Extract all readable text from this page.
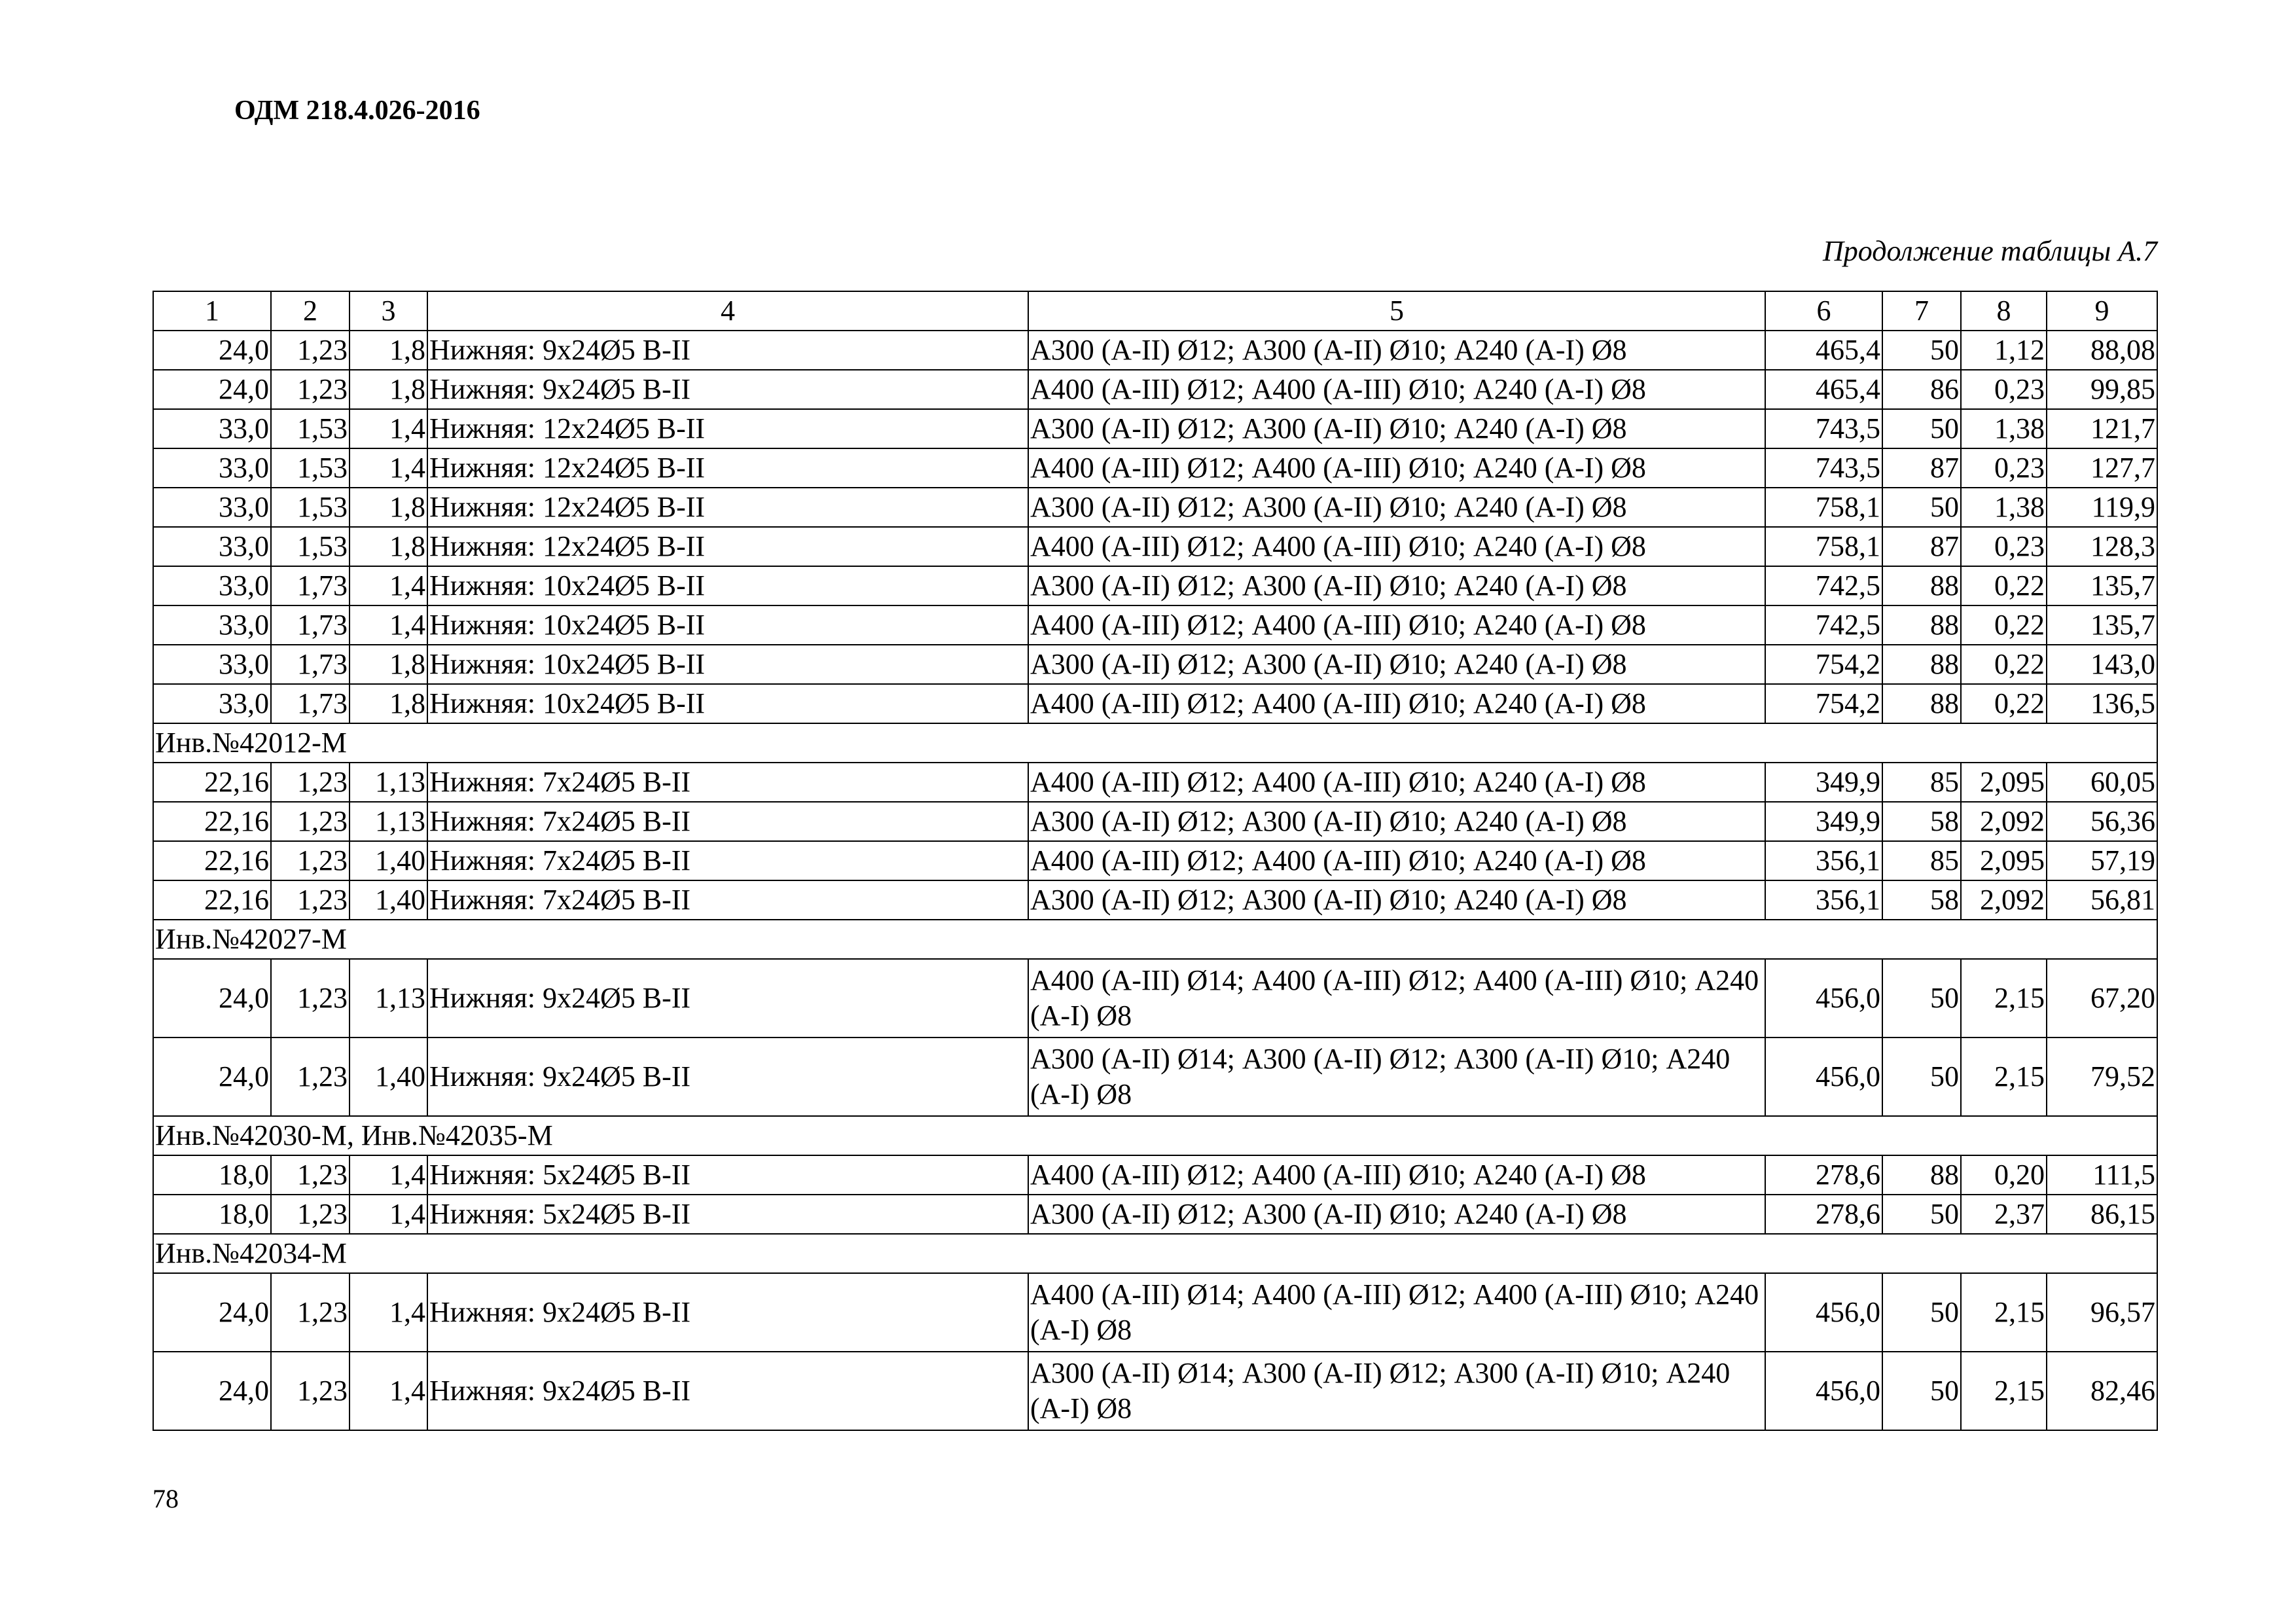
ОДМ 218.4.026-2016
Продолжение таблицы А.7
1	2	3	4	5	6	7	8	9
24,0	1,23	1,8	Нижняя: 9x24Ø5 B-II	А300 (А-II) Ø12; А300 (А-II) Ø10; А240 (А-I) Ø8	465,4	50	1,12	88,08
24,0	1,23	1,8	Нижняя: 9x24Ø5 B-II	А400 (А-III) Ø12; А400 (А-III) Ø10; А240 (А-I) Ø8	465,4	86	0,23	99,85
33,0	1,53	1,4	Нижняя: 12x24Ø5 B-II	А300 (А-II) Ø12; А300 (А-II) Ø10; А240 (А-I) Ø8	743,5	50	1,38	121,7
33,0	1,53	1,4	Нижняя: 12x24Ø5 B-II	А400 (А-III) Ø12; А400 (А-III) Ø10; А240 (А-I) Ø8	743,5	87	0,23	127,7
33,0	1,53	1,8	Нижняя: 12x24Ø5 B-II	А300 (А-II) Ø12; А300 (А-II) Ø10; А240 (А-I) Ø8	758,1	50	1,38	119,9
33,0	1,53	1,8	Нижняя: 12x24Ø5 B-II	А400 (А-III) Ø12; А400 (А-III) Ø10; А240 (А-I) Ø8	758,1	87	0,23	128,3
33,0	1,73	1,4	Нижняя: 10x24Ø5 B-II	А300 (А-II) Ø12; А300 (А-II) Ø10; А240 (А-I) Ø8	742,5	88	0,22	135,7
33,0	1,73	1,4	Нижняя: 10x24Ø5 B-II	А400 (А-III) Ø12; А400 (А-III) Ø10; А240 (А-I) Ø8	742,5	88	0,22	135,7
33,0	1,73	1,8	Нижняя: 10x24Ø5 B-II	А300 (А-II) Ø12; А300 (А-II) Ø10; А240 (А-I) Ø8	754,2	88	0,22	143,0
33,0	1,73	1,8	Нижняя: 10x24Ø5 B-II	А400 (А-III) Ø12; А400 (А-III) Ø10; А240 (А-I) Ø8	754,2	88	0,22	136,5
Инв.№42012-М								
22,16	1,23	1,13	Нижняя: 7x24Ø5 B-II	А400 (А-III) Ø12; А400 (А-III) Ø10; А240 (А-I) Ø8	349,9	85	2,095	60,05
22,16	1,23	1,13	Нижняя: 7x24Ø5 B-II	А300 (А-II) Ø12; А300 (А-II) Ø10; А240 (А-I) Ø8	349,9	58	2,092	56,36
22,16	1,23	1,40	Нижняя: 7x24Ø5 B-II	А400 (А-III) Ø12; А400 (А-III) Ø10; А240 (А-I) Ø8	356,1	85	2,095	57,19
22,16	1,23	1,40	Нижняя: 7x24Ø5 B-II	А300 (А-II) Ø12; А300 (А-II) Ø10; А240 (А-I) Ø8	356,1	58	2,092	56,81
Инв.№42027-М								
24,0	1,23	1,13	Нижняя: 9x24Ø5 B-II	А400 (А-III) Ø14; А400 (А-III) Ø12; А400 (А-III) Ø10; А240 (А-I) Ø8	456,0	50	2,15	67,20
24,0	1,23	1,40	Нижняя: 9x24Ø5 B-II	А300 (А-II) Ø14; А300 (А-II) Ø12; А300 (А-II) Ø10; А240 (А-I) Ø8	456,0	50	2,15	79,52
Инв.№42030-М, Инв.№42035-М								
18,0	1,23	1,4	Нижняя: 5x24Ø5 B-II	А400 (А-III) Ø12; А400 (А-III) Ø10; А240 (А-I) Ø8	278,6	88	0,20	111,5
18,0	1,23	1,4	Нижняя: 5x24Ø5 B-II	А300 (А-II) Ø12; А300 (А-II) Ø10; А240 (А-I) Ø8	278,6	50	2,37	86,15
Инв.№42034-М								
24,0	1,23	1,4	Нижняя: 9x24Ø5 B-II	А400 (А-III) Ø14; А400 (А-III) Ø12; А400 (А-III) Ø10; А240 (А-I) Ø8	456,0	50	2,15	96,57
24,0	1,23	1,4	Нижняя: 9x24Ø5 B-II	А300 (А-II) Ø14; А300 (А-II) Ø12; А300 (А-II) Ø10; А240 (А-I) Ø8	456,0	50	2,15	82,46
78
